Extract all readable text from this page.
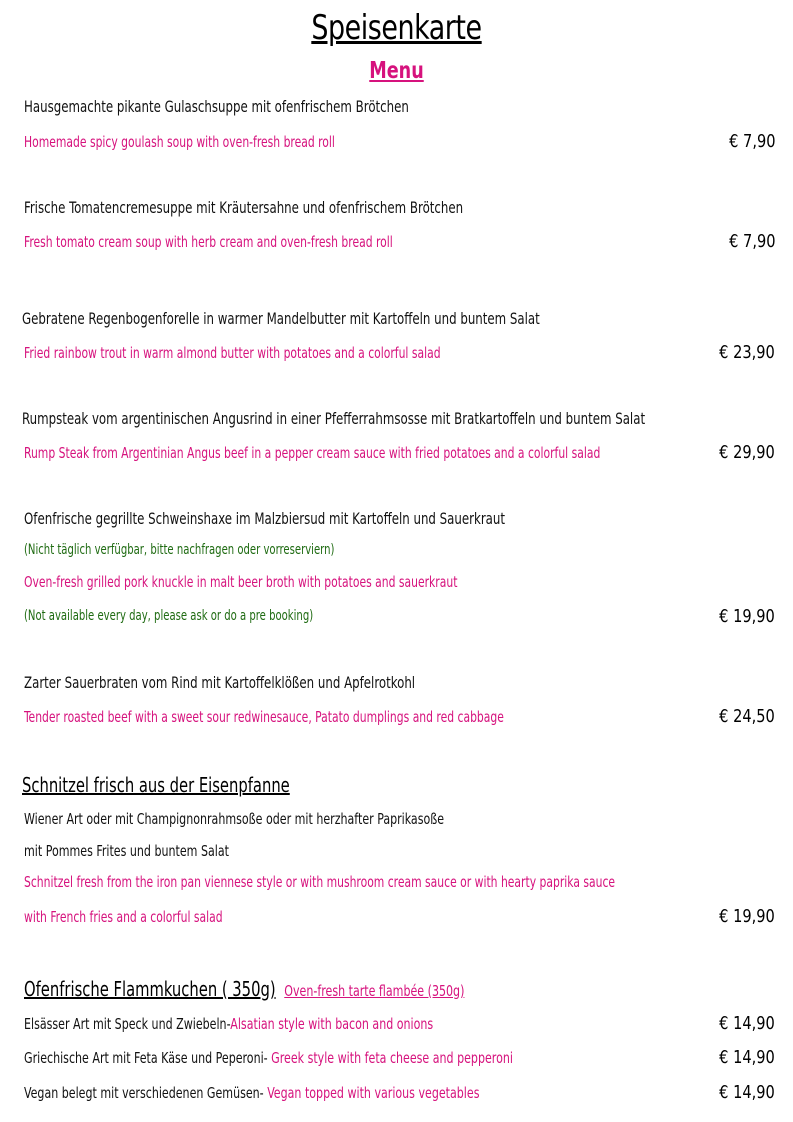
Speisenkarte
Menu
Hausgemachte pikante Gulaschsuppe mit ofenfrischem Brötchen
Homemade spicy goulash soup with oven-fresh bread roll	€ 7,90
Frische Tomatencremesuppe mit Kräutersahne und ofenfrischem Brötchen
Fresh tomato cream soup with herb cream and oven-fresh bread roll	€ 7,90
Gebratene Regenbogenforelle in warmer Mandelbutter mit Kartoffeln und buntem Salat
Fried rainbow trout in warm almond butter with potatoes and a colorful salad	€ 23,90
Rumpsteak vom argentinischen Angusrind in einer Pfefferrahmsosse mit Bratkartoffeln und buntem Salat
Rump Steak from Argentinian Angus beef in a pepper cream sauce with fried potatoes and a colorful salad	€ 29,90
Ofenfrische gegrillte Schweinshaxe im Malzbiersud mit Kartoffeln und Sauerkraut
(Nicht täglich verfügbar, bitte nachfragen oder vorreserviern)
Oven-fresh grilled pork knuckle in malt beer broth with potatoes and sauerkraut
(Not available every day, please ask or do a pre booking)	€ 19,90
Zarter Sauerbraten vom Rind mit Kartoffelklößen und Apfelrotkohl
Tender roasted beef with a sweet sour redwinesauce, Patato dumplings and red cabbage	€ 24,50
Schnitzel frisch aus der Eisenpfanne
Wiener Art oder mit Champignonrahmsoße oder mit herzhafter Paprikasoße
mit Pommes Frites und buntem Salat
Schnitzel fresh from the iron pan viennese style or with mushroom cream sauce or with hearty paprika sauce
with French fries and a colorful salad	€ 19,90
Ofenfrische Flammkuchen ( 350g) Oven-fresh tarte flambée (350g)
Elsässer Art mit Speck und Zwiebeln-Alsatian style with bacon and onions	€ 14,90
Griechische Art mit Feta Käse und Peperoni- Greek style with feta cheese and pepperoni	€ 14,90
Vegan belegt mit verschiedenen Gemüsen- Vegan topped with various vegetables	€ 14,90
